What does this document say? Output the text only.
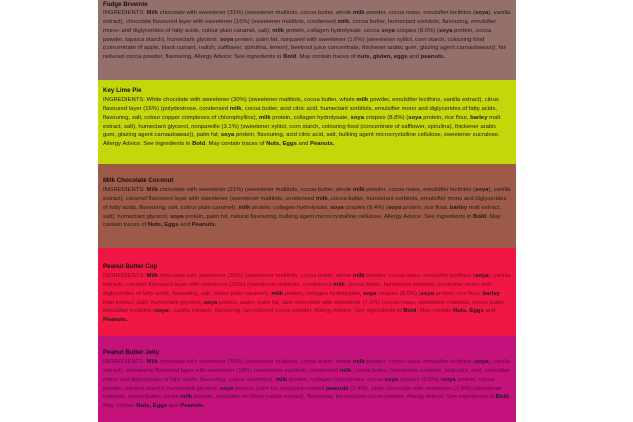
Fudge Brownie

INGREDIENTS: Milk chocolate with sweetener (31%) (sweetener maltitols, cocoa butter, whole milk powder, cocoa mass, emulsifier lecithins (soya), vanilla extract), chocolate flavoured layer with sweetener (16%) (sweetener maltitols, condensed milk, cocoa butter, humectant sorbitols, flavouring, emulsifier mono- and diglycerides of fatty acids, colour plain caramel, salt), milk protein, collagen hydrolysate, cocoa soya crispies (8.6%) (soya protein, cocoa powder, tapioca starch), humectant glycerol, soya protein, palm fat, nonpareil with sweetener (1.6%) (sweetener xylitol, corn starch, colouring food (concentrate of apple, black currant, radish, safflower, spirulina, lemon), beetroot juice concentrate, thickener arabic gum, glazing agent carnaubawax)), fat-reduced cocoa powder, flavouring. Allergy Advice: See ingredients in Bold. May contain traces of nuts, gluten, eggs and peanuts.

Key Lime Pie

INGREDIENTS: White chocolate with sweetener (30%) (sweetener maltitols, cocoa butter, whole milk powder, emulsifier lecithins, vanilla extract), citrus flavoured layer (16%) (polydextrose, condensed milk, cocoa butter, acid citric acid, humectant sorbitols, emulsifier mono and diglycerides of fatty acids, flavouring, salt, colour copper complexes of chlorophyllins), milk protein, collagen hydrolysate, soya crispies (8.8%) (soya protein, rice flour, barley malt extract, salt), humectant glycerol, nonpareille (3.1%) (sweetener xylitol, corn starch, colouring food (concentrate of safflower, spirulina), thickener arabic gum, glazing agent carnaubawax)), palm fat, soya protein, flavouring, acid citric acid, salt, bulking agent microcrystalline cellulose, sweetener sucralose. Allergy Advice: See ingredients in Bold. May contain traces of Nuts, Eggs and Peanuts.

Milk Chocolate Coconut

INGREDIENTS: Milk chocolate with sweetener (31%) (sweetener maltitols, cocoa butter, whole milk powder, cocoa mass, emulsifier lecithins (soya), vanilla extract), caramel flavoured layer with sweetener (sweetener maltitols, condensed milk, cocoa butter, humectant sorbitols, emulsifier mono and diglycerides of fatty acids, flavouring, salt, colour plain caramel), milk protein, collagen hydrolysate, soya crispies (9.4%) (soya protein, rice flour, barley malt extract, salt), humectant glycerol, soya protein, palm fat, natural flavouring, bulking agent microcrystalline cellulose. Allergy Advice: See ingredients in Bold. May contain traces of Nuts, Eggs and Peanuts.

Peanut Butter Cup

INGREDIENTS: Milk chocolate with sweetener (30%) (sweetener maltitols, cocoa butter, whole milk powder, cocoa mass, emulsifier lecithins (soya), vanilla extract), caramel flavoured layer with sweetener (18%) (sweetener maltitols, condensed milk, cocoa butter, humectant sorbitols, emulsifier mono and diglycerides of fatty acids, flavouring, salt, colour plain caramel), milk protein, collagen hydrolysate, soya crispies (8.6%) (soya protein, rice flour, barley malt extract, salt), humectant glycerol, soya protein, water, palm fat, dark chocolate with sweetener (7.6%) (cocoa mass, sweetener maltitols, cocoa butter, emulsifier lecithins (soya), vanilla extract), flavouring, fat-reduced cocoa powder. Allergy Advice: See ingredients in Bold. May contain Nuts, Eggs and Peanuts.

Peanut Butter Jelly

INGREDIENTS: Milk chocolate with sweetener (30%) (sweetener maltitols, cocoa butter, whole milk powder, cocoa mass, emulsifier lecithins (soya), vanilla extract), strawberry flavoured layer with sweetener (18%) (sweetener maltitols, condensed milk, cocoa butter, humectant sorbitols, acid citric acid, emulsifier mono and diglycerides of fatty acids, flavouring, colour carmines), milk protein, collagen hydrolysate, cocoa soya crispies (8.6%) (soya protein, cocoa powder, tapioca starch), humectant glycerol, soya protein, palm fat, chopped roasted peanuts (2.4%), white chocolate with sweetener (1.6%) (sweetener maltitols, cocoa butter, whole milk powder, emulsifier lecithins vanilla extract), flavouring, fat-reduced cocoa powder. Allergy Advice: See ingredients in Bold. May contain Nuts, Eggs and Peanuts.
